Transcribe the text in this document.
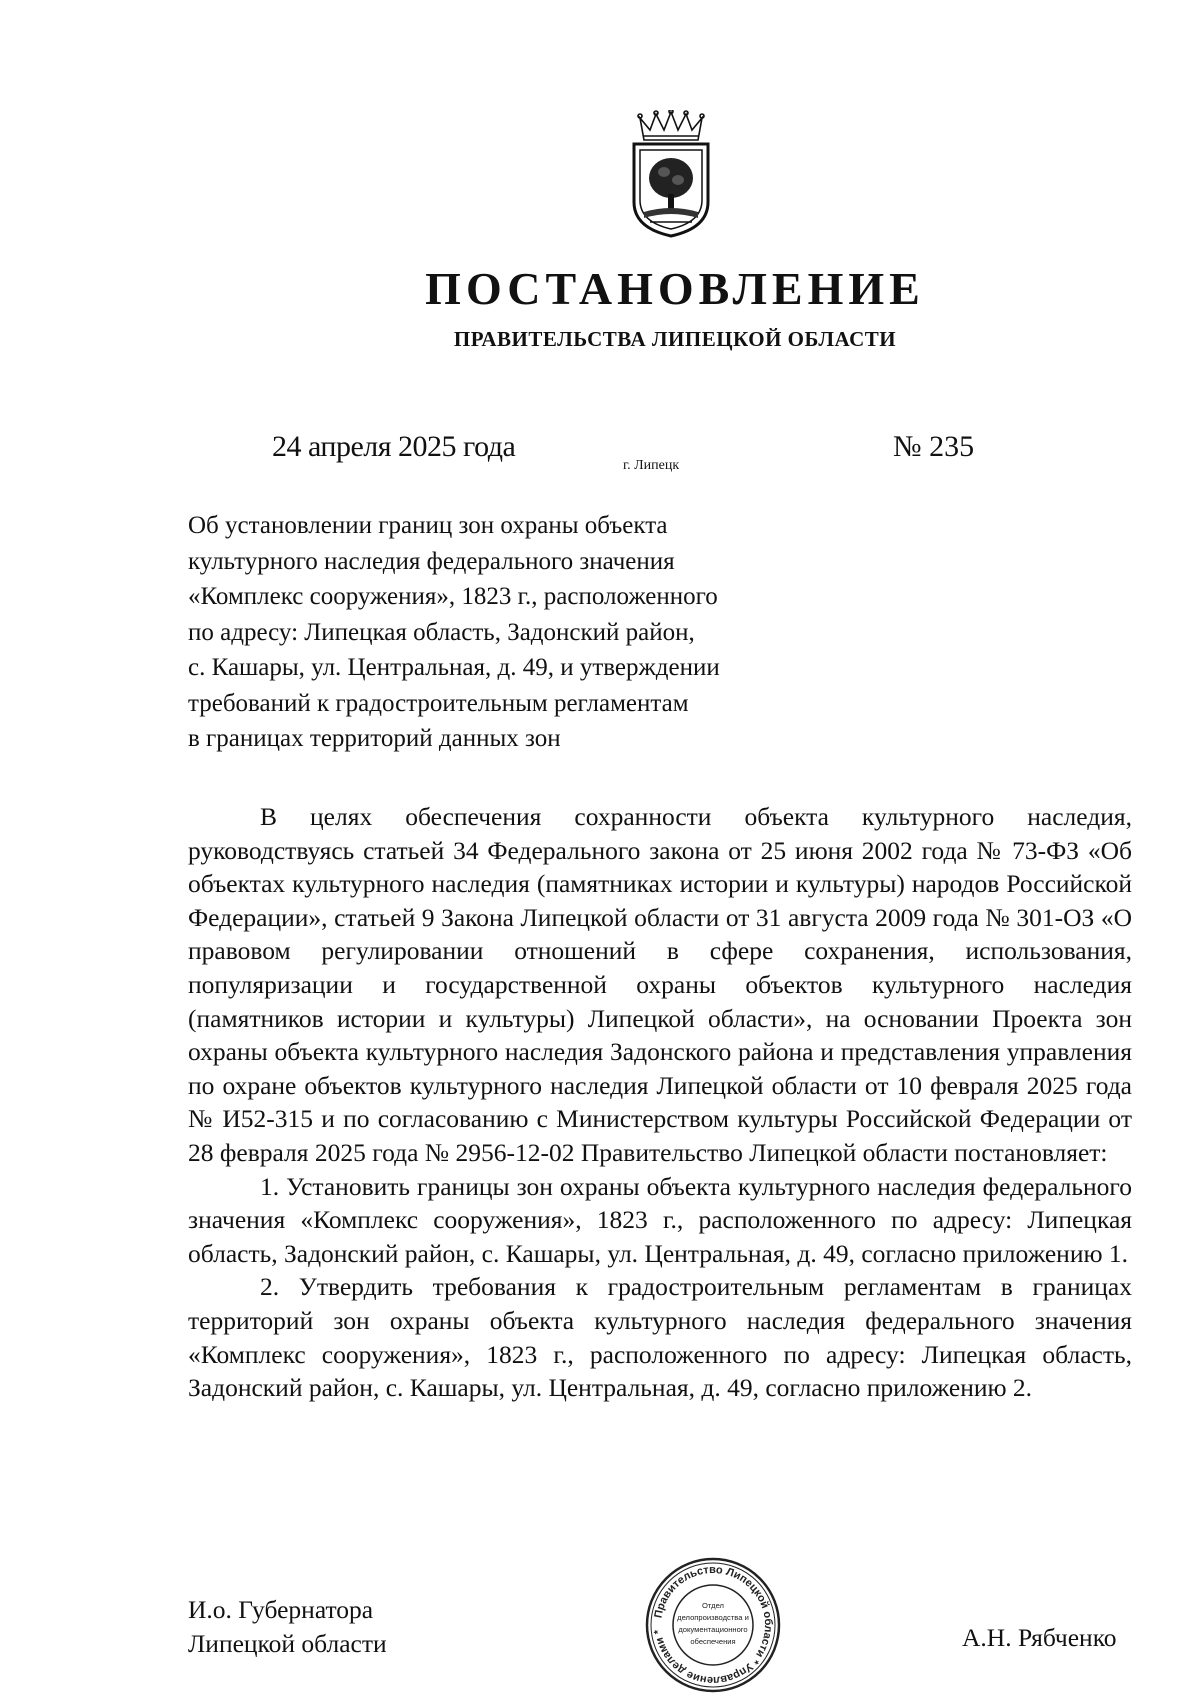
ПОСТАНОВЛЕНИЕ
ПРАВИТЕЛЬСТВА ЛИПЕЦКОЙ ОБЛАСТИ
24 апреля 2025 года
г. Липецк
№ 235
Об установлении границ зон охраны объекта
культурного наследия федерального значения
«Комплекс сооружения», 1823 г., расположенного
по адресу: Липецкая область, Задонский район,
с. Кашары, ул. Центральная, д. 49, и утверждении
требований к градостроительным регламентам
в границах территорий данных зон

В целях обеспечения сохранности объекта культурного наследия, руководствуясь статьей 34 Федерального закона от 25 июня 2002 года № 73-ФЗ «Об объектах культурного наследия (памятниках истории и культуры) народов Российской Федерации», статьей 9 Закона Липецкой области от 31 августа 2009 года № 301-ОЗ «О правовом регулировании отношений в сфере сохранения, использования, популяризации и государственной охраны объектов культурного наследия (памятников истории и культуры) Липецкой области», на основании Проекта зон охраны объекта культурного наследия Задонского района и представления управления по охране объектов культурного наследия Липецкой области от 10 февраля 2025 года № И52-315 и по согласованию с Министерством культуры Российской Федерации от 28 февраля 2025 года № 2956-12-02 Правительство Липецкой области постановляет:

1. Установить границы зон охраны объекта культурного наследия федерального значения «Комплекс сооружения», 1823 г., расположенного по адресу: Липецкая область, Задонский район, с. Кашары, ул. Центральная, д. 49, согласно приложению 1.

2. Утвердить требования к градостроительным регламентам в границах территорий зон охраны объекта культурного наследия федерального значения «Комплекс сооружения», 1823 г., расположенного по адресу: Липецкая область, Задонский район, с. Кашары, ул. Центральная, д. 49, согласно приложению 2.

И.о. Губернатора
Липецкой области
Правительство Липецкой области * Управление делами *
Отдел
делопроизводства и
документационного
обеспечения	А.Н. Рябченко
